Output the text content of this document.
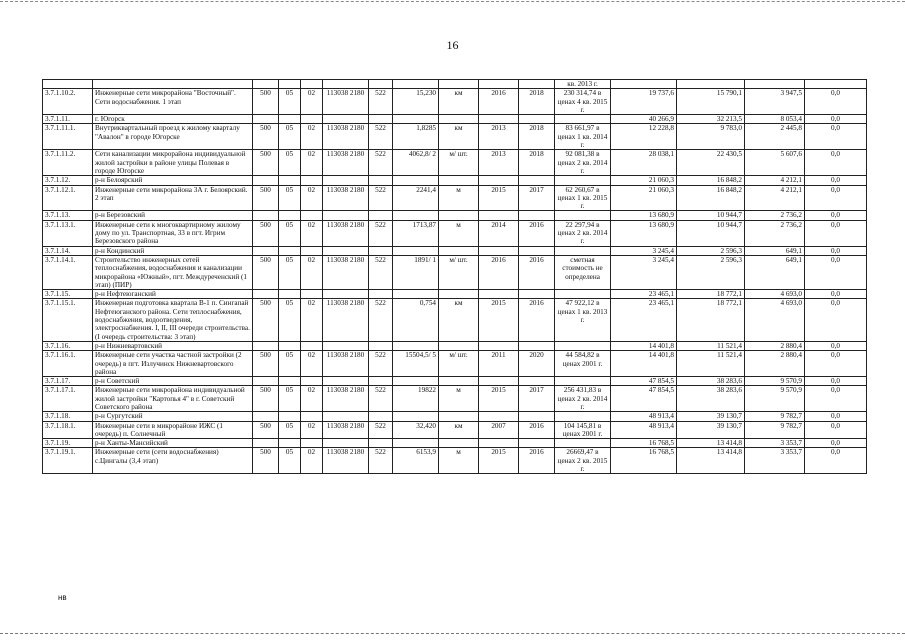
16
											кв. 2013 г.				
3.7.1.10.2.	Инженерные сети микрорайона "Восточный". Сети водоснабжения. 1 этап	500	05	02	113038 2180	522	15,230	км	2016	2018	230 314,74 в ценах 4 кв. 2015 г.	19 737,6	15 790,1	3 947,5	0,0
3.7.1.11.	г. Югорск											40 266,9	32 213,5	8 053,4	0,0
3.7.1.11.1.	Внутриквартальный проезд к жилому кварталу "Авалон" в городе Югорске	500	05	02	113038 2180	522	1,8285	км	2013	2018	83 661,97 в ценах 1 кв. 2014 г.	12 228,8	9 783,0	2 445,8	0,0
3.7.1.11.2.	Сети канализации микрорайона индивидуальной жилой застройки в районе улицы Полевая в городе Югорске	500	05	02	113038 2180	522	4062,8/ 2	м/ шт.	2013	2018	92 081,38 в ценах 2 кв. 2014 г.	28 038,1	22 430,5	5 607,6	0,0
3.7.1.12.	р-н Белоярский											21 060,3	16 848,2	4 212,1	0,0
3.7.1.12.1.	Инженерные сети микрорайона 3А г. Белоярский. 2 этап	500	05	02	113038 2180	522	2241,4	м	2015	2017	62 260,67 в ценах 1 кв. 2015 г.	21 060,3	16 848,2	4 212,1	0,0
3.7.1.13.	р-н Березовский											13 680,9	10 944,7	2 736,2	0,0
3.7.1.13.1.	Инженерные сети к многоквартирному жилому дому по ул. Транспортная, 33 в пгт. Игрим Березовского района	500	05	02	113038 2180	522	1713,87	м	2014	2016	22 297,94 в ценах 2 кв. 2014 г.	13 680,9	10 944,7	2 736,2	0,0
3.7.1.14.	р-н Кондинский											3 245,4	2 596,3	649,1	0,0
3.7.1.14.1.	Строительство инженерных сетей теплоснабжения, водоснабжения и канализации микрорайона «Южный», пгт. Междуреченский (1 этап) (ПИР)	500	05	02	113038 2180	522	1891/ 1	м/ шт.	2016	2016	сметная стоимость не определена	3 245,4	2 596,3	649,1	0,0
3.7.1.15.	р-н Нефтеюганский											23 465,1	18 772,1	4 693,0	0,0
3.7.1.15.1.	Инженерная подготовка квартала В-1 п. Сингапай Нефтеюганского района. Сети теплоснабжения, водоснабжения, водоотведения, электроснабжения. I, II, III очереди строительства. (I очередь строительства: 3 этап)	500	05	02	113038 2180	522	0,754	км	2015	2016	47 922,12 в ценах 1 кв. 2013 г.	23 465,1	18 772,1	4 693,0	0,0
3.7.1.16.	р-н Нижневартовский											14 401,8	11 521,4	2 880,4	0,0
3.7.1.16.1.	Инженерные сети участка частной застройки (2 очередь) в пгт. Излучинск Нижневартовского района	500	05	02	113038 2180	522	15504,5/ 5	м/ шт.	2011	2020	44 584,82 в ценах 2001 г.	14 401,8	11 521,4	2 880,4	0,0
3.7.1.17.	р-н Советский											47 854,5	38 283,6	9 570,9	0,0
3.7.1.17.1.	Инженерные сети микрорайона индивидуальной жилой застройки "Картопья 4" в г. Советский Советского района	500	05	02	113038 2180	522	19822	м	2015	2017	256 431,83 в ценах 2 кв. 2014 г.	47 854,5	38 283,6	9 570,9	0,0
3.7.1.18.	р-н Сургутский											48 913,4	39 130,7	9 782,7	0,0
3.7.1.18.1.	Инженерные сети в микрорайоне ИЖС (1 очередь) п. Солнечный	500	05	02	113038 2180	522	32,420	км	2007	2016	104 145,81 в ценах 2001 г.	48 913,4	39 130,7	9 782,7	0,0
3.7.1.19.	р-н Ханты-Мансийский											16 768,5	13 414,8	3 353,7	0,0
3.7.1.19.1.	Инженерные сети (сети водоснабжения) с.Цингалы (3,4 этап)	500	05	02	113038 2180	522	6153,9	м	2015	2016	26669,47 в ценах 2 кв. 2015 г.	16 768,5	13 414,8	3 353,7	0,0
нв
